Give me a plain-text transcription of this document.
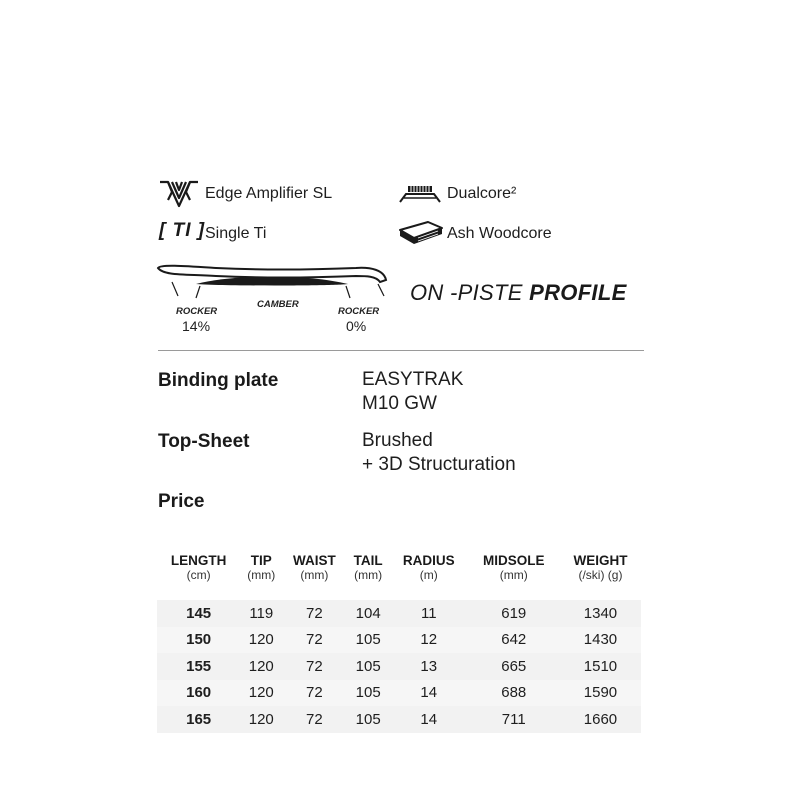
Edge Amplifier SL	Dualcore²
[ TI ] Single Ti	Ash Woodcore
ROCKER
14%
CAMBER
ROCKER
0%
ON -PISTE PROFILE
Binding plate	EASYTRAK
M10 GW
Top-Sheet	Brushed
+ 3D Structuration
Price
LENGTH	TIP	WAIST	TAIL	RADIUS	MIDSOLE	WEIGHT
(cm)	(mm)	(mm)	(mm)	(m)	(mm)	(/ski) (g)

145	119	72	104	11	619	1340
150	120	72	105	12	642	1430
155	120	72	105	13	665	1510
160	120	72	105	14	688	1590
165	120	72	105	14	711	1660
